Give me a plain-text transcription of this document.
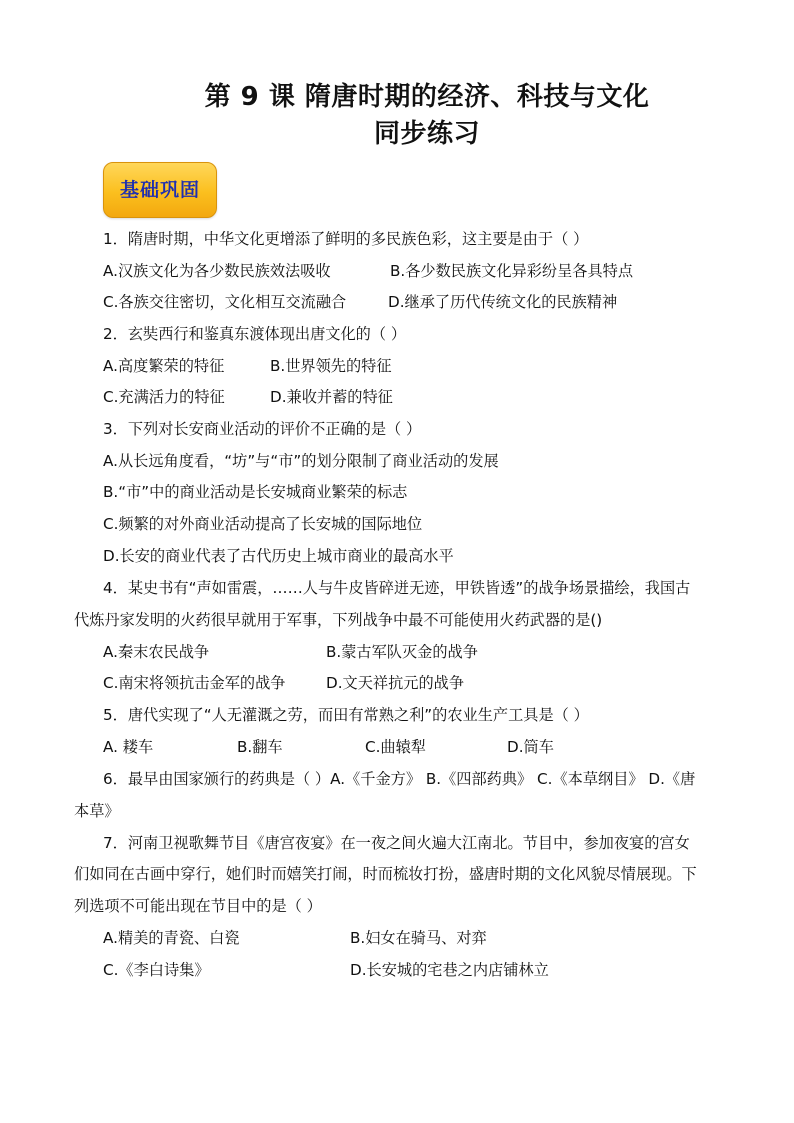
第 9 课 隋唐时期的经济、科技与文化
同步练习
基础巩固
1．隋唐时期，中华文化更增添了鲜明的多民族色彩，这主要是由于（ ）
A.汉族文化为各少数民族效法吸收	B.各少数民族文化异彩纷呈各具特点
C.各族交往密切，文化相互交流融合	D.继承了历代传统文化的民族精神
2．玄奘西行和鉴真东渡体现出唐文化的（ ）
A.高度繁荣的特征	B.世界领先的特征
C.充满活力的特征	D.兼收并蓄的特征
3．下列对长安商业活动的评价不正确的是（ ）
A.从长远角度看，“坊”与“市”的划分限制了商业活动的发展
B.“市”中的商业活动是长安城商业繁荣的标志
C.频繁的对外商业活动提高了长安城的国际地位
D.长安的商业代表了古代历史上城市商业的最高水平
4．某史书有“声如雷震，……人与牛皮皆碎迸无迹，甲铁皆透”的战争场景描绘，我国古
代炼丹家发明的火药很早就用于军事，下列战争中最不可能使用火药武器的是()
A.秦末农民战争	B.蒙古军队灭金的战争
C.南宋将领抗击金军的战争	D.文天祥抗元的战争
5．唐代实现了“人无灌溉之劳，而田有常熟之利”的农业生产工具是（ ）
A. 耧车	B.翻车	C.曲辕犁	D.筒车
6．最早由国家颁行的药典是（ ）A.《千金方》 B.《四部药典》 C.《本草纲目》 D.《唐
本草》
7．河南卫视歌舞节目《唐宫夜宴》在一夜之间火遍大江南北。节目中，参加夜宴的宫女
们如同在古画中穿行，她们时而嬉笑打闹，时而梳妆打扮，盛唐时期的文化风貌尽情展现。下
列选项不可能出现在节目中的是（ ）
A.精美的青瓷、白瓷	B.妇女在骑马、对弈
C.《李白诗集》	D.长安城的宅巷之内店铺林立
